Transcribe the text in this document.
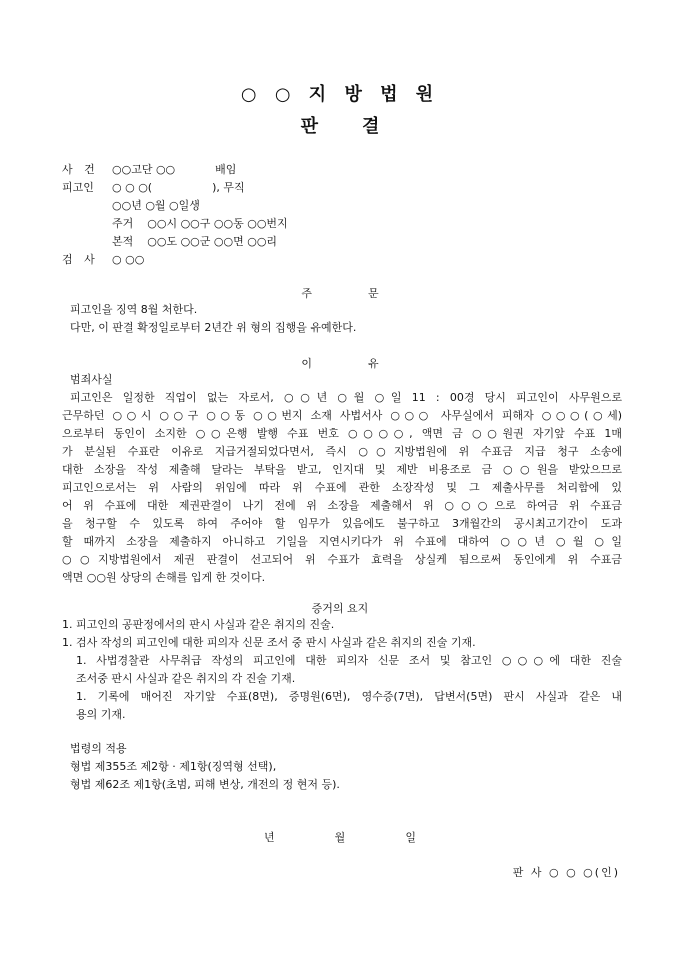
○ ○ 지 방 법 원
판 결
사 건 ○○고단 ○○	배임
피고인 ○ ○ ○(	), 무직
○○년 ○월 ○일생
주거 ○○시 ○○구 ○○동 ○○번지
본적 ○○도 ○○군 ○○면 ○○리
검 사 ○ ○○
주	문
피고인을 징역 8월 처한다.
다만, 이 판결 확정일로부터 2년간 위 형의 집행을 유예한다.
이	유
범죄사실
피고인은 일정한 직업이 없는 자로서, ○○년 ○월 ○일 11 : 00경 당시 피고인이 사무원으로
근무하던 ○○시 ○○구 ○○동 ○○번지 소재 사법서사 ○○○ 사무실에서 피해자 ○○○(○세)
으로부터 동인이 소지한 ○○은행 발행 수표 번호 ○○○○, 액면 금 ○○원권 자기앞 수표 1매
가 분실된 수표란 이유로 지급거절되었다면서, 즉시 ○○지방법원에 위 수표금 지급 청구 소송에
대한 소장을 작성 제출해 달라는 부탁을 받고, 인지대 및 제반 비용조로 금 ○○원을 받았으므로
피고인으로서는 위 사람의 위임에 따라 위 수표에 관한 소장작성 및 그 제출사무를 처리함에 있
어 위 수표에 대한 제권판결이 나기 전에 위 소장을 제출해서 위 ○○○으로 하여금 위 수표금
을 청구할 수 있도록 하여 주어야 할 임무가 있음에도 불구하고 3개월간의 공시최고기간이 도과
할 때까지 소장을 제출하지 아니하고 기일을 지연시키다가 위 수표에 대하여 ○○년 ○월 ○일
○○지방법원에서 제권 판결이 선고되어 위 수표가 효력을 상실케 됨으로써 동인에게 위 수표금
액면 ○○원 상당의 손해를 입게 한 것이다.
증거의 요지
1. 피고인의 공판정에서의 판시 사실과 같은 취지의 진술.
1. 검사 작성의 피고인에 대한 피의자 신문 조서 중 판시 사실과 같은 취지의 진술 기재.
1. 사법경찰관 사무취급 작성의 피고인에 대한 피의자 신문 조서 및 참고인 ○○○에 대한 진술
조서중 판시 사실과 같은 취지의 각 진술 기재.
1. 기록에 매어진 자기앞 수표(8면), 증명원(6면), 영수증(7면), 답변서(5면) 판시 사실과 같은 내
용의 기재.
법령의 적용
형법 제355조 제2항 · 제1항(징역형 선택),
형법 제62조 제1항(초범, 피해 변상, 개전의 정 현저 등).
년	월	일
판 사 ○ ○ ○(인)
